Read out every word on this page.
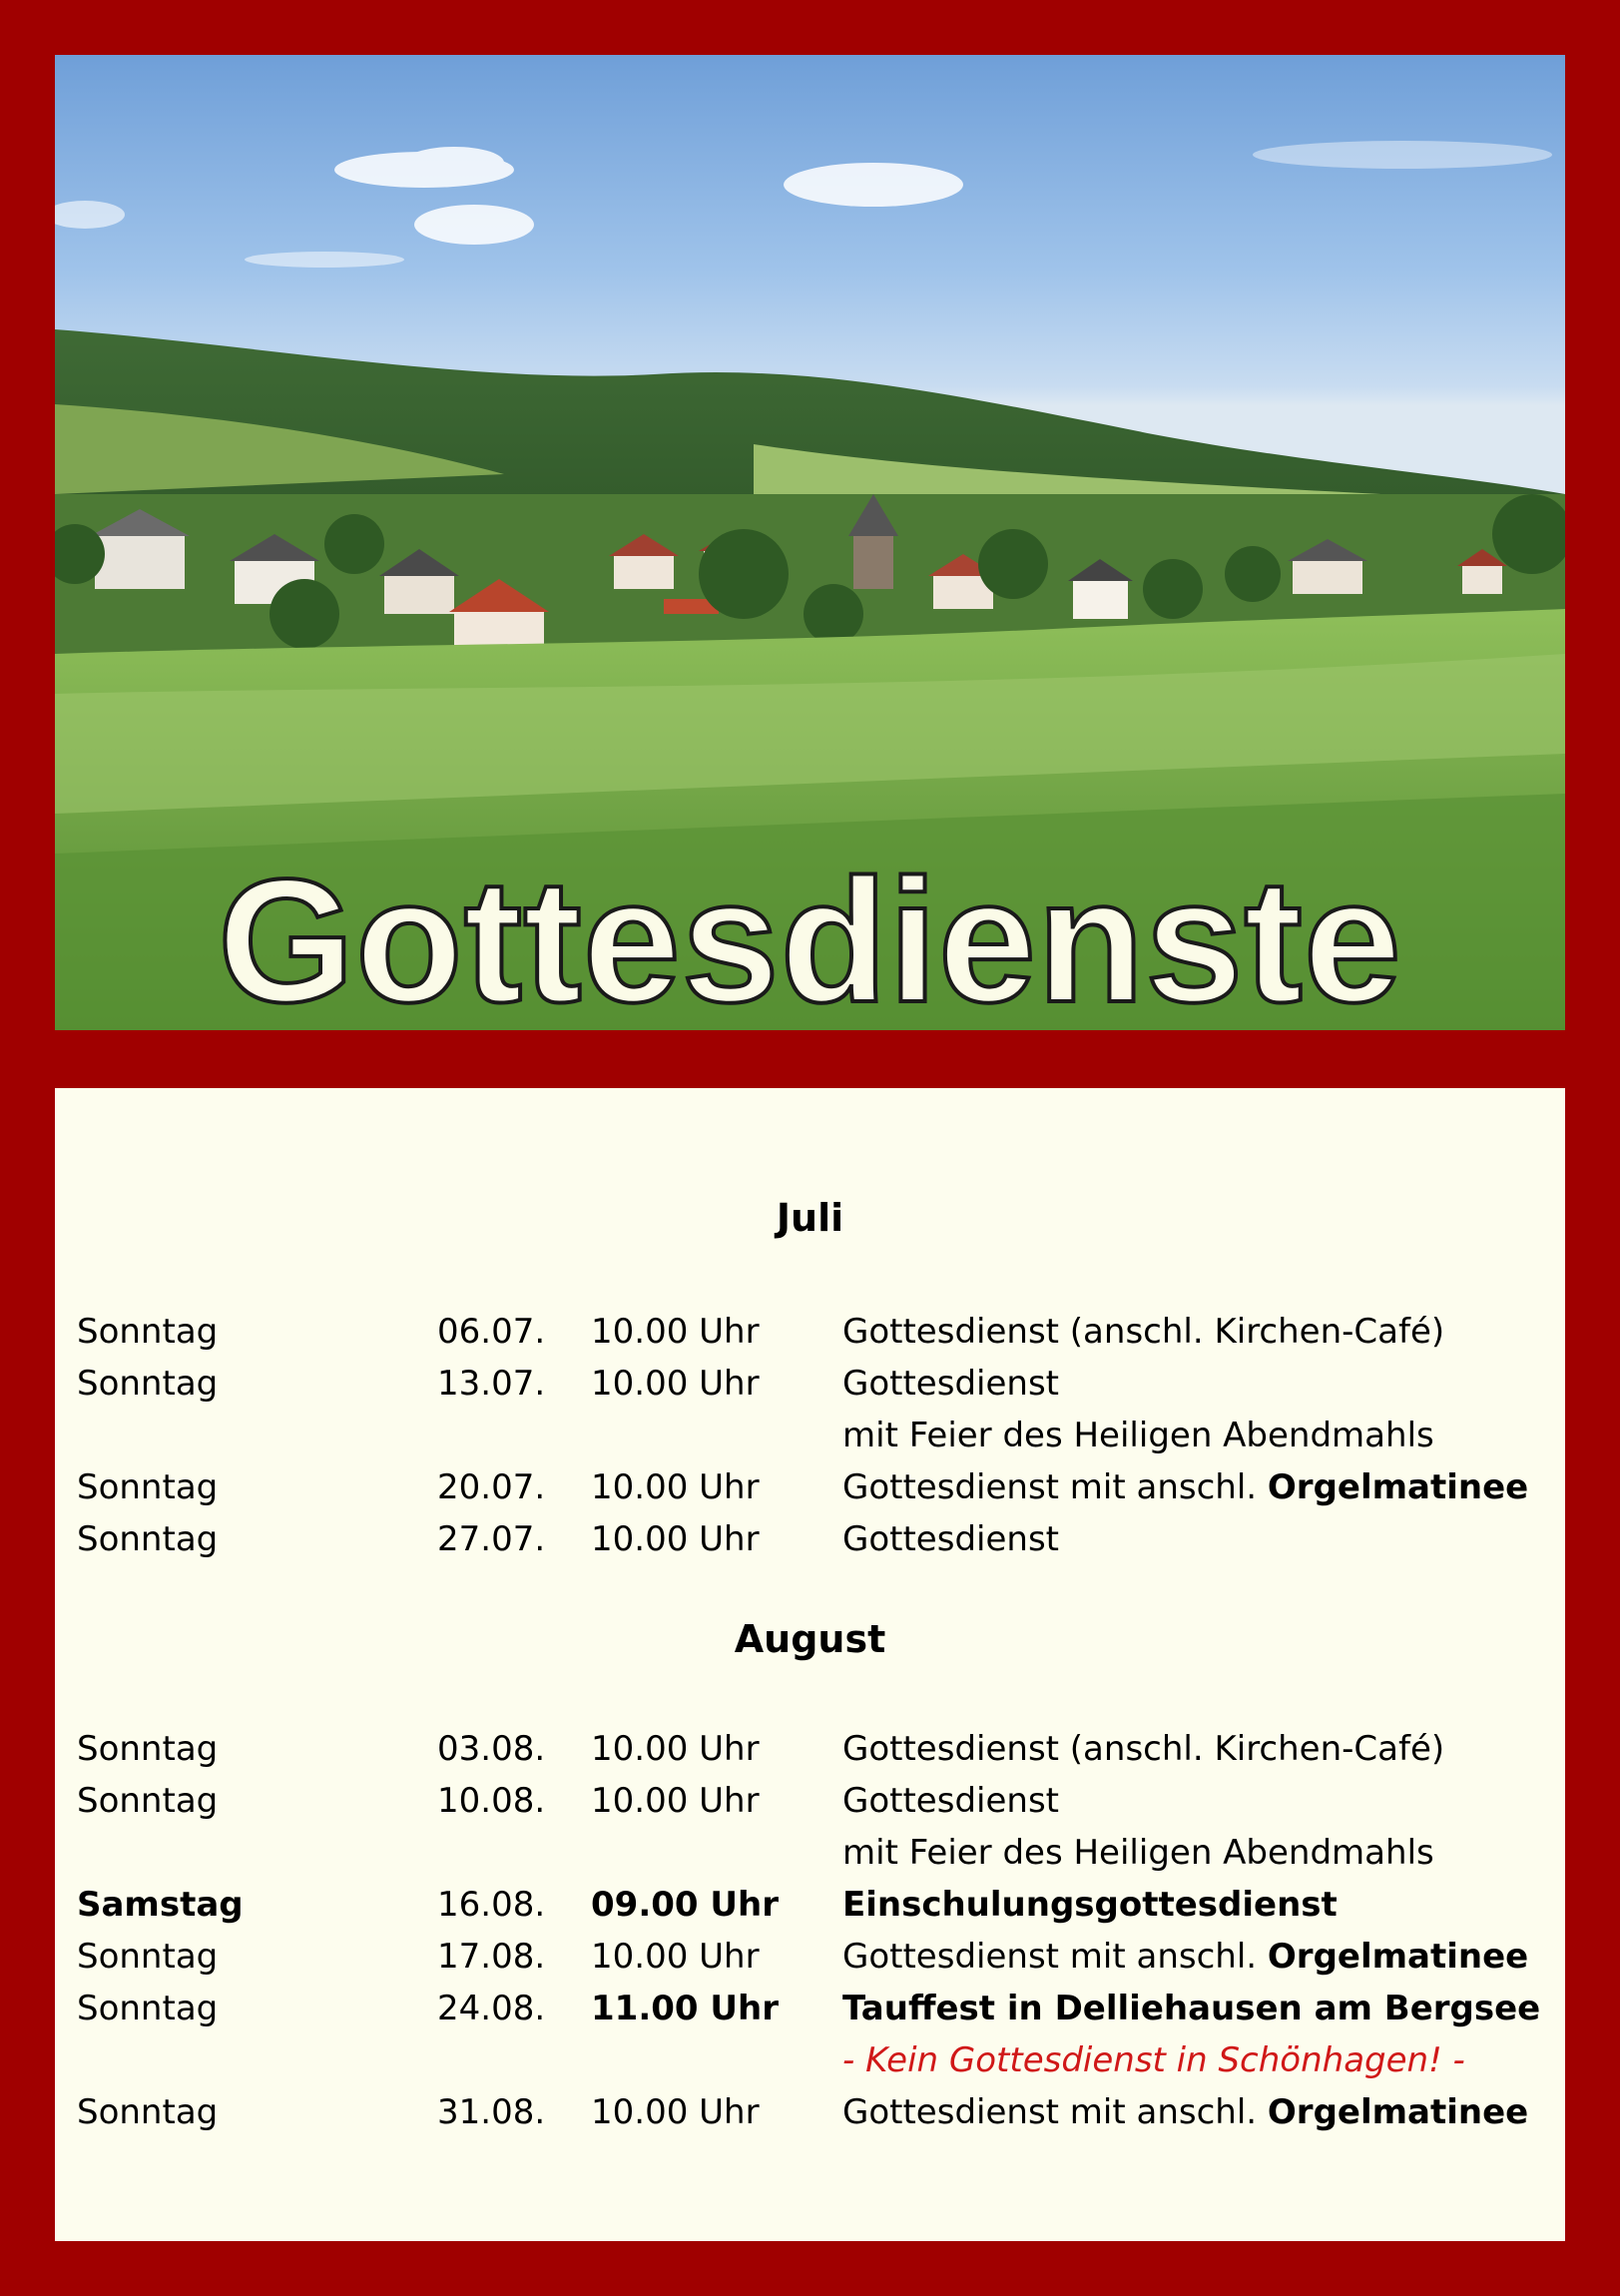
Gottesdienste
Juli
Sonntag	06.07. 10.00 Uhr Gottesdienst (anschl. Kirchen-Café)
Sonntag	13.07. 10.00 Uhr Gottesdienst
mit Feier des Heiligen Abendmahls
Sonntag	20.07. 10.00 Uhr Gottesdienst mit anschl. Orgelmatinee
Sonntag	27.07. 10.00 Uhr Gottesdienst
August
Sonntag	03.08. 10.00 Uhr Gottesdienst (anschl. Kirchen-Café)
Sonntag	10.08. 10.00 Uhr Gottesdienst
mit Feier des Heiligen Abendmahls
Samstag	16.08. 09.00 Uhr Einschulungsgottesdienst
Sonntag	17.08. 10.00 Uhr Gottesdienst mit anschl. Orgelmatinee
Sonntag	24.08. 11.00 Uhr Tauffest in Delliehausen am Bergsee
- Kein Gottesdienst in Schönhagen! -
Sonntag	31.08. 10.00 Uhr Gottesdienst mit anschl. Orgelmatinee
